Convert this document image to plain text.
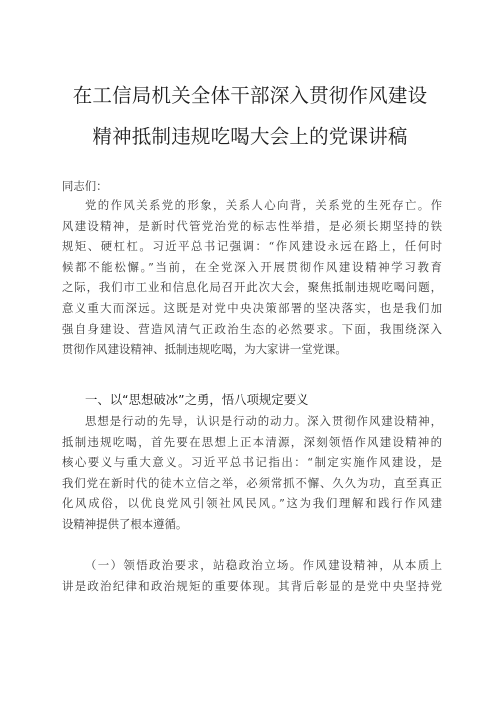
在工信局机关全体干部深入贯彻作风建设
精神抵制违规吃喝大会上的党课讲稿
同志们：
党的作风关系党的形象，关系人心向背，关系党的生死存亡。作
风建设精神，是新时代管党治党的标志性举措，是必须长期坚持的铁
规矩、硬杠杠。习近平总书记强调：“作风建设永远在路上，任何时
候都不能松懈。”当前，在全党深入开展贯彻作风建设精神学习教育
之际，我们市工业和信息化局召开此次大会，聚焦抵制违规吃喝问题，
意义重大而深远。这既是对党中央决策部署的坚决落实，也是我们加
强自身建设、营造风清气正政治生态的必然要求。下面，我围绕深入
贯彻作风建设精神、抵制违规吃喝，为大家讲一堂党课。
一、以“思想破冰”之勇，悟八项规定要义
思想是行动的先导，认识是行动的动力。深入贯彻作风建设精神，
抵制违规吃喝，首先要在思想上正本清源，深刻领悟作风建设精神的
核心要义与重大意义。习近平总书记指出：“制定实施作风建设，是
我们党在新时代的徒木立信之举，必须常抓不懈、久久为功，直至真正
化风成俗，以优良党风引领社风民风。”这为我们理解和践行作风建
设精神提供了根本遵循。
（一）领悟政治要求，站稳政治立场。作风建设精神，从本质上
讲是政治纪律和政治规矩的重要体现。其背后彰显的是党中央坚持党
